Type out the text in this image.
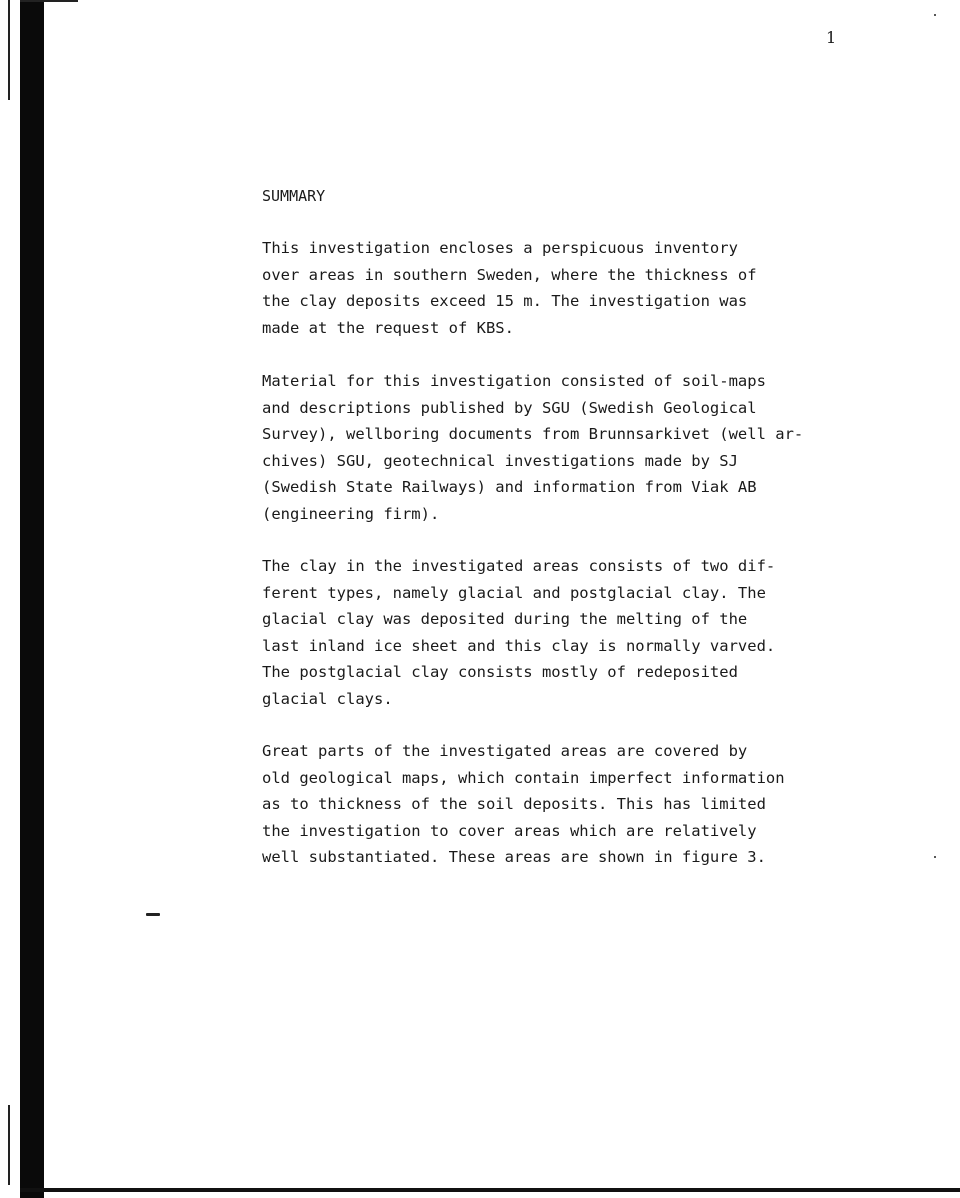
1
SUMMARY
This investigation encloses a perspicuous inventory
over areas in southern Sweden, where the thickness of
the clay deposits exceed 15 m. The investigation was
made at the request of KBS.
Material for this investigation consisted of soil-maps
and descriptions published by SGU (Swedish Geological
Survey), wellboring documents from Brunnsarkivet (well ar-
chives) SGU, geotechnical investigations made by SJ
(Swedish State Railways) and information from Viak AB
(engineering firm).
The clay in the investigated areas consists of two dif-
ferent types, namely glacial and postglacial clay. The
glacial clay was deposited during the melting of the
last inland ice sheet and this clay is normally varved.
The postglacial clay consists mostly of redeposited
glacial clays.
Great parts of the investigated areas are covered by
old geological maps, which contain imperfect information
as to thickness of the soil deposits. This has limited
the investigation to cover areas which are relatively
well substantiated. These areas are shown in figure 3.
